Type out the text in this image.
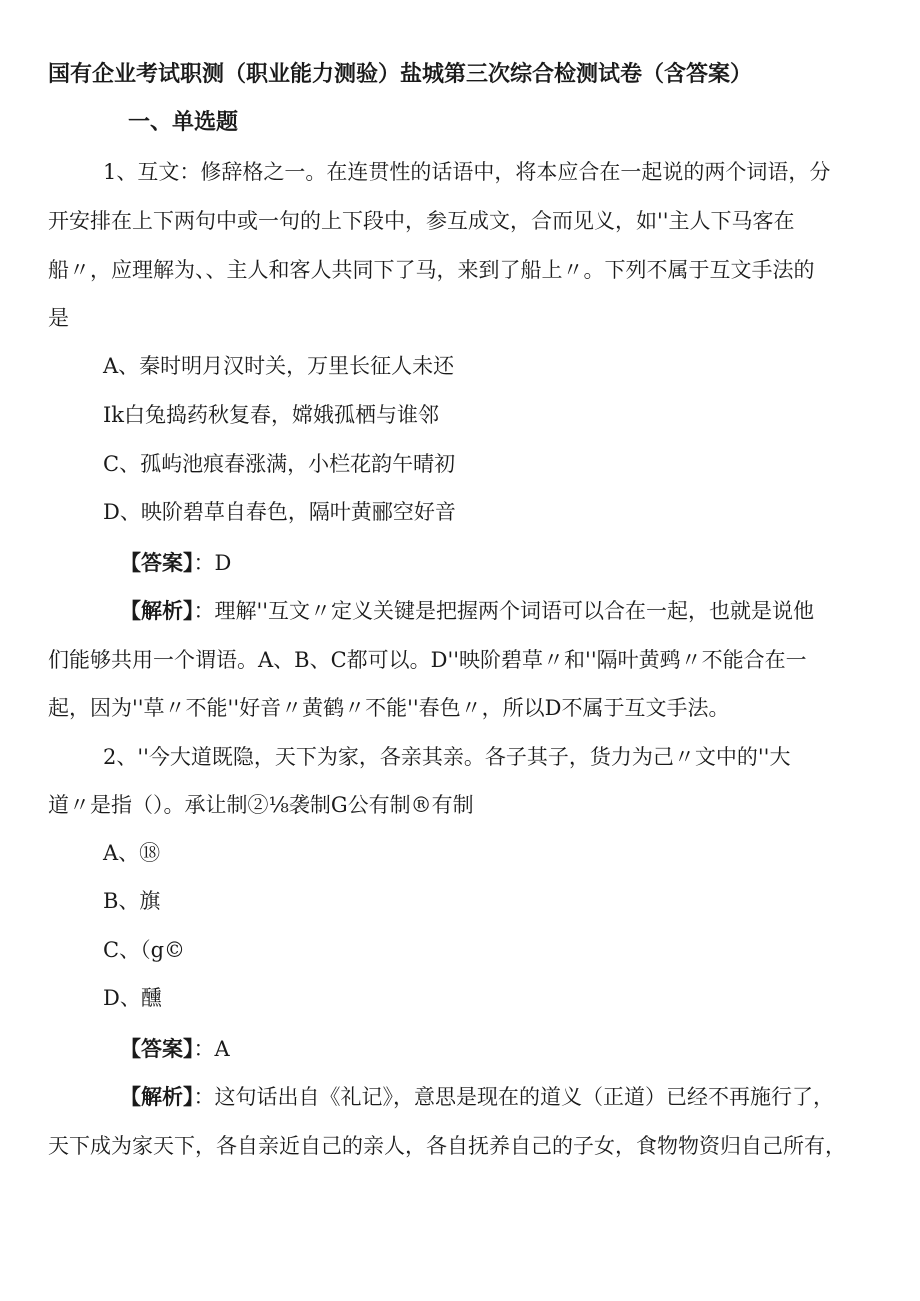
国有企业考试职测（职业能力测验）盐城第三次综合检测试卷（含答案）
一、单选题
1、互文：修辞格之一。在连贯性的话语中，将本应合在一起说的两个词语，分
开安排在上下两句中或一句的上下段中，参互成文，合而见义，如''主人下马客在
船〃，应理解为、、主人和客人共同下了马，来到了船上〃。下列不属于互文手法的
是
A、秦时明月汉时关，万里长征人未还
Ik白兔捣药秋复春，嫦娥孤栖与谁邻
C、孤屿池痕春涨满，小栏花韵午晴初
D、映阶碧草自春色，隔叶黄郦空好音
【答案】：D
【解析】：理解''互文〃定义关键是把握两个词语可以合在一起，也就是说他
们能够共用一个谓语。A、B、C都可以。D''映阶碧草〃和''隔叶黄鹀〃不能合在一
起，因为''草〃不能''好音〃黄鹤〃不能''春色〃，所以D不属于互文手法。
2、''今大道既隐，天下为家，各亲其亲。各子其子，货力为己〃文中的''大
道〃是指（）。承让制②⅛袭制G公有制®有制
A、⑱
B、旗
C、（g©
D、醺
【答案】：A
【解析】：这句话出自《礼记》，意思是现在的道义（正道）已经不再施行了，
天下成为家天下，各自亲近自己的亲人，各自抚养自己的子女，食物物资归自己所有，
